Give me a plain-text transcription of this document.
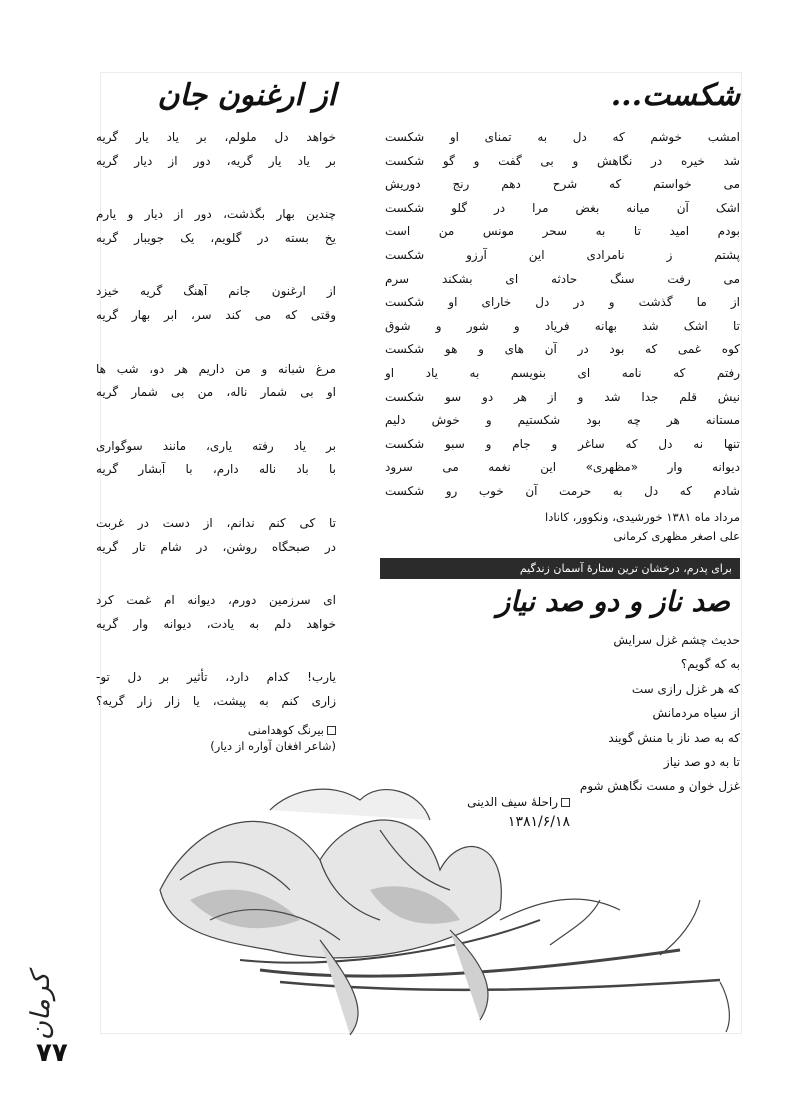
شکست...
امشب خوشم که دل به تمنای او شکست
شد خیره در نگاهش و بی گفت و گو شکست
می خواستم که شرح دهم رنج دوریش
اشک آن میانه بغض مرا در گلو شکست
بودم امید تا به سحر مونس من است
پشتم ز نامرادی این آرزو شکست
می رفت سنگ حادثه ای بشکند سرم
از ما گذشت و در دل خارای او شکست
تا اشک شد بهانه فریاد و شور و شوق
کوه غمی که بود در آن های و هو شکست
رفتم که نامه ای بنویسم به یاد او
نیش قلم جدا شد و از هر دو سو شکست
مستانه هر چه بود شکستیم و خوش دلیم
تنها نه دل که ساغر و جام و سبو شکست
دیوانه وار «مظهری» این نغمه می سرود
شادم که دل به حرمت آن خوب رو شکست
مرداد ماه ۱۳۸۱ خورشیدی، ونکوور، کانادا
علی اصغر مظهری کرمانی
از ارغنون جان
خواهد دل ملولم، بر یاد یار گریه
بر یاد یار گریه، دور از دیار گریه
چندین بهار بگذشت، دور از دیار و یارم
یخ بسته در گلویم، یک جویبار گریه
از ارغنون جانم آهنگ گریه خیزد
وقتی که می کند سر، ابر بهار گریه
مرغ شبانه و من داریم هر دو، شب ها
او بی شمار ناله، من بی شمار گریه
بر یاد رفته یاری، مانند سوگواری
با باد ناله دارم، با آبشار گریه
تا کی کنم ندانم، از دست در غربت
در صبحگاه روشن، در شام تار گریه
ای سرزمین دورم، دیوانه ام غمت کرد
خواهد دلم به یادت، دیوانه وار گریه
یارب! کدام دارد، تأثیر بر دل تو-
زاری کنم به پیشت، یا زار زار گریه؟
بیرنگ کوهدامنی
(شاعر افغان آواره از دیار)
برای پدرم، درخشان ترین ستارهٔ آسمان زندگیم
صد ناز و دو صد نیاز
حدیث چشم غزل سرایش
به که گویم؟
که هر غزل رازی ست
از سیاه مردمانش
که به صد ناز با منش گویند
تا به دو صد نیاز
غزل خوان و مست نگاهش شوم
راحلهٔ سیف الدینی
۱۳۸۱/۶/۱۸
کرمان
۷۷
